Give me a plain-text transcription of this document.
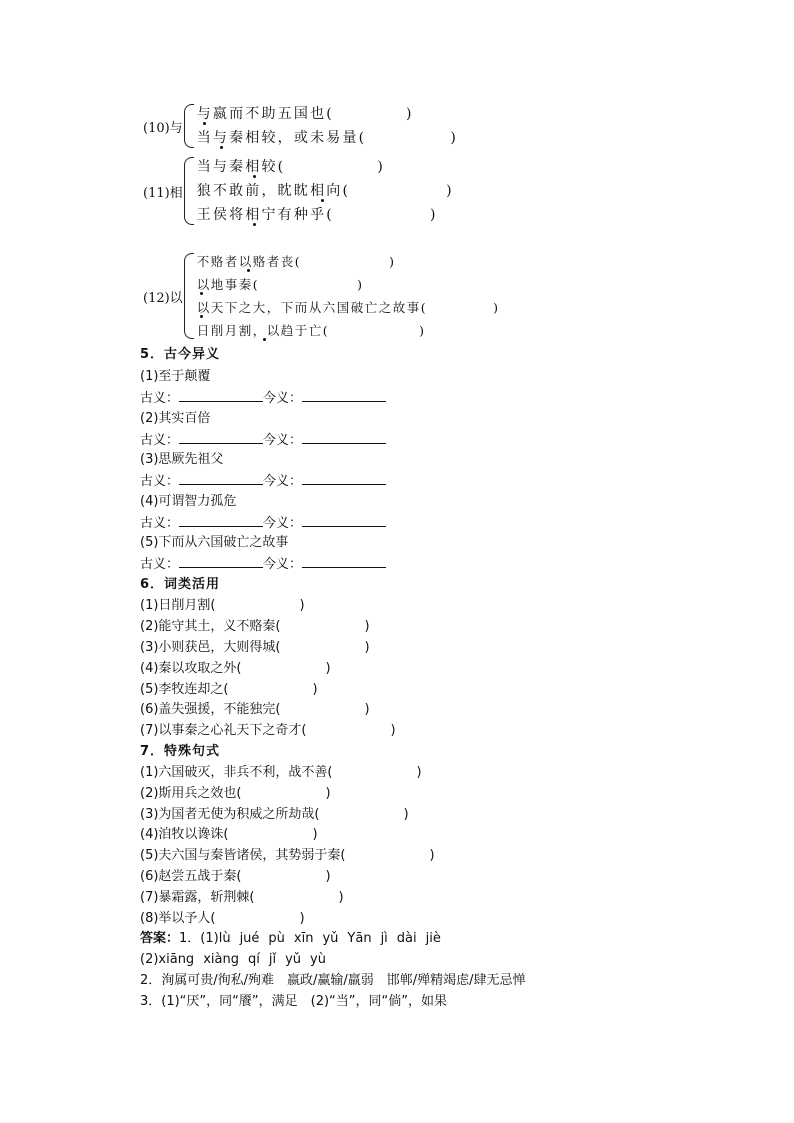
(10)与
与嬴而不助五国也(	)
当与秦相较，或未易量(	)
(11)相
当与秦相较(	)
狼不敢前，眈眈相向(	)
王侯将相宁有种乎(	)
(12)以
不赂者以赂者丧(	)
以地事秦(	)
以天下之大，下而从六国破亡之故事(	)
日削月割，以趋于亡(	)
5．古今异义
(1)至于颠覆
古义：	今义：
(2)其实百倍
古义：	今义：
(3)思厥先祖父
古义：	今义：
(4)可谓智力孤危
古义：	今义：
(5)下而从六国破亡之故事
古义：	今义：
6．词类活用
(1)日削月割(	)
(2)能守其土，义不赂秦(	)
(3)小则获邑，大则得城(	)
(4)秦以攻取之外(	)
(5)李牧连却之(	)
(6)盖失强援，不能独完(	)
(7)以事秦之心礼天下之奇才(	)
7．特殊句式
(1)六国破灭，非兵不利，战不善(	)
(2)斯用兵之效也(	)
(3)为国者无使为积威之所劫哉(	)
(4)洎牧以谗诛(	)
(5)夫六国与秦皆诸侯，其势弱于秦(	)
(6)赵尝五战于秦(	)
(7)暴霜露，斩荆棘(	)
(8)举以予人(	)
答案：1．(1)lù jué pù xīn yǔ Yān jì dài jiè
(2)xiāng xiàng qí jǐ yǔ yù
2．洵属可贵/徇私/殉难　嬴政/赢输/羸弱　邯郸/殚精竭虑/肆无忌惮
3．(1)“厌”，同“餍”，满足　(2)“当”，同“倘”，如果
